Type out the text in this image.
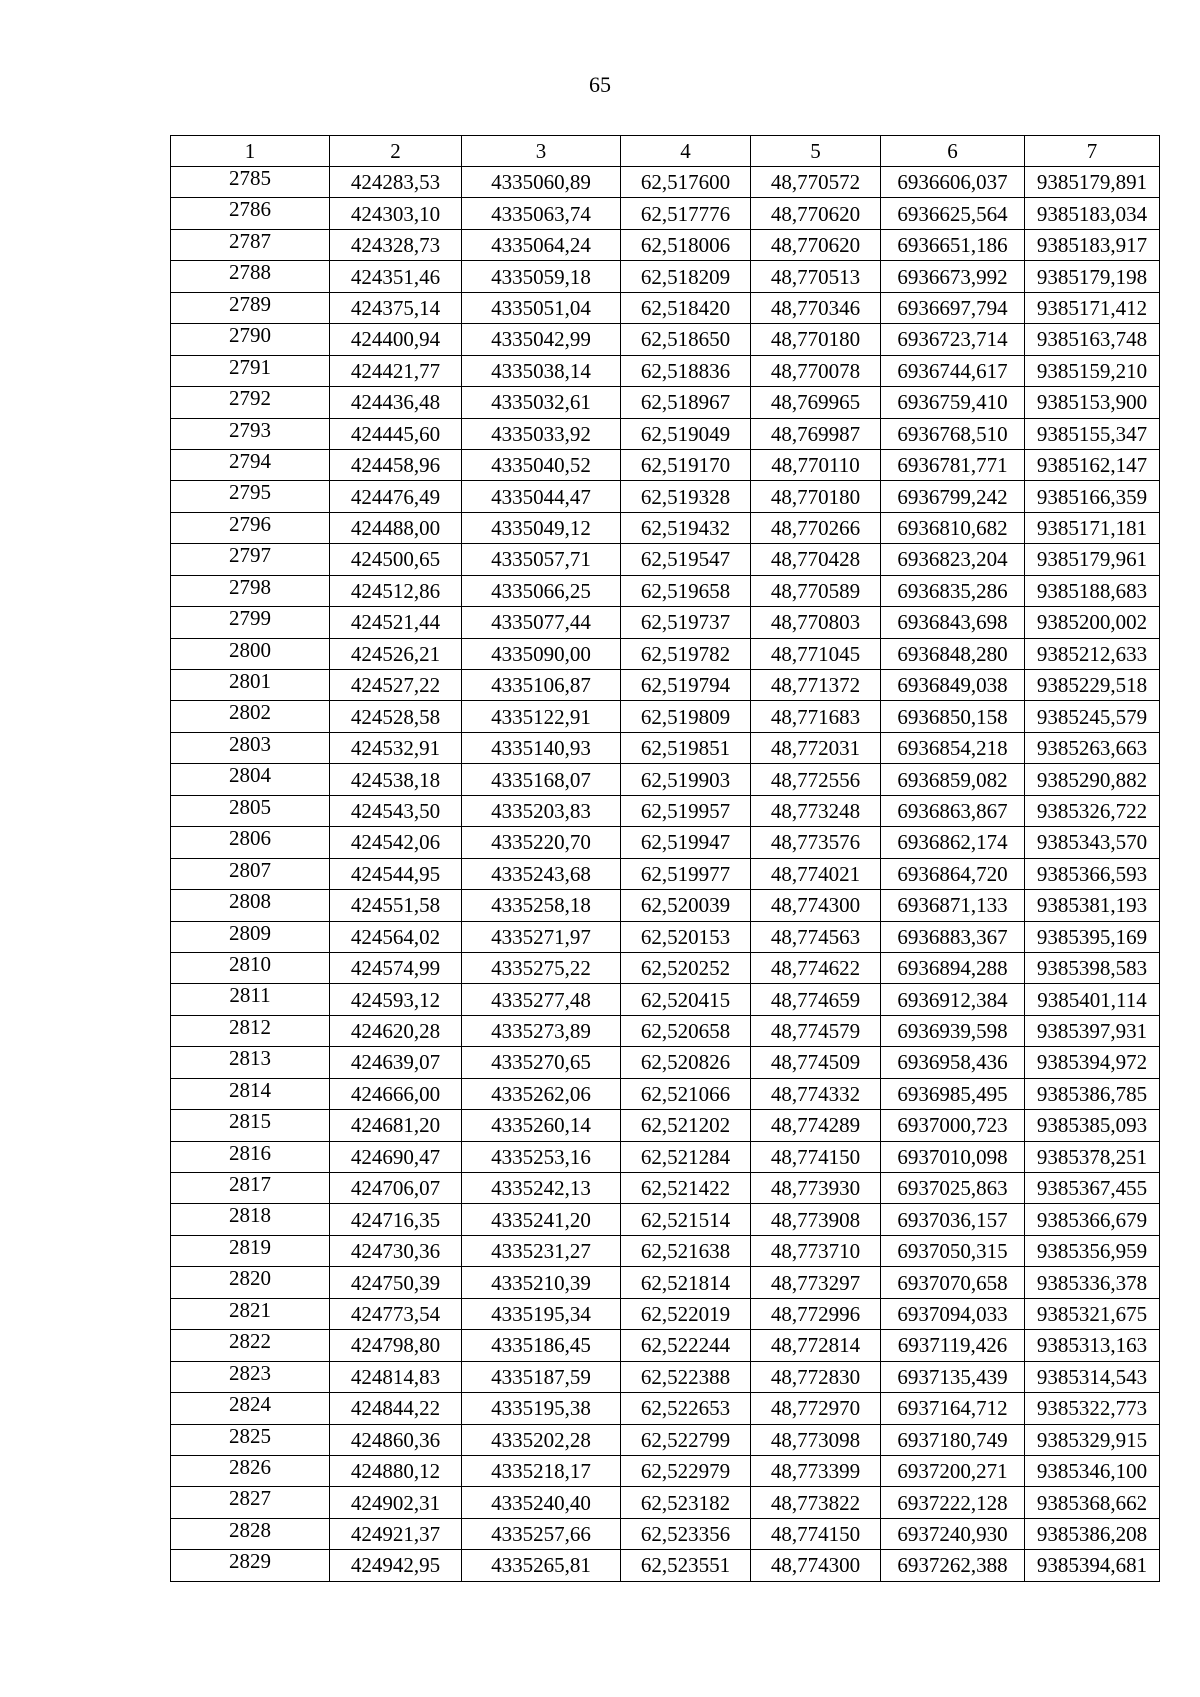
65
1	2	3	4	5	6	7
2785	424283,53	4335060,89	62,517600	48,770572	6936606,037	9385179,891
2786	424303,10	4335063,74	62,517776	48,770620	6936625,564	9385183,034
2787	424328,73	4335064,24	62,518006	48,770620	6936651,186	9385183,917
2788	424351,46	4335059,18	62,518209	48,770513	6936673,992	9385179,198
2789	424375,14	4335051,04	62,518420	48,770346	6936697,794	9385171,412
2790	424400,94	4335042,99	62,518650	48,770180	6936723,714	9385163,748
2791	424421,77	4335038,14	62,518836	48,770078	6936744,617	9385159,210
2792	424436,48	4335032,61	62,518967	48,769965	6936759,410	9385153,900
2793	424445,60	4335033,92	62,519049	48,769987	6936768,510	9385155,347
2794	424458,96	4335040,52	62,519170	48,770110	6936781,771	9385162,147
2795	424476,49	4335044,47	62,519328	48,770180	6936799,242	9385166,359
2796	424488,00	4335049,12	62,519432	48,770266	6936810,682	9385171,181
2797	424500,65	4335057,71	62,519547	48,770428	6936823,204	9385179,961
2798	424512,86	4335066,25	62,519658	48,770589	6936835,286	9385188,683
2799	424521,44	4335077,44	62,519737	48,770803	6936843,698	9385200,002
2800	424526,21	4335090,00	62,519782	48,771045	6936848,280	9385212,633
2801	424527,22	4335106,87	62,519794	48,771372	6936849,038	9385229,518
2802	424528,58	4335122,91	62,519809	48,771683	6936850,158	9385245,579
2803	424532,91	4335140,93	62,519851	48,772031	6936854,218	9385263,663
2804	424538,18	4335168,07	62,519903	48,772556	6936859,082	9385290,882
2805	424543,50	4335203,83	62,519957	48,773248	6936863,867	9385326,722
2806	424542,06	4335220,70	62,519947	48,773576	6936862,174	9385343,570
2807	424544,95	4335243,68	62,519977	48,774021	6936864,720	9385366,593
2808	424551,58	4335258,18	62,520039	48,774300	6936871,133	9385381,193
2809	424564,02	4335271,97	62,520153	48,774563	6936883,367	9385395,169
2810	424574,99	4335275,22	62,520252	48,774622	6936894,288	9385398,583
2811	424593,12	4335277,48	62,520415	48,774659	6936912,384	9385401,114
2812	424620,28	4335273,89	62,520658	48,774579	6936939,598	9385397,931
2813	424639,07	4335270,65	62,520826	48,774509	6936958,436	9385394,972
2814	424666,00	4335262,06	62,521066	48,774332	6936985,495	9385386,785
2815	424681,20	4335260,14	62,521202	48,774289	6937000,723	9385385,093
2816	424690,47	4335253,16	62,521284	48,774150	6937010,098	9385378,251
2817	424706,07	4335242,13	62,521422	48,773930	6937025,863	9385367,455
2818	424716,35	4335241,20	62,521514	48,773908	6937036,157	9385366,679
2819	424730,36	4335231,27	62,521638	48,773710	6937050,315	9385356,959
2820	424750,39	4335210,39	62,521814	48,773297	6937070,658	9385336,378
2821	424773,54	4335195,34	62,522019	48,772996	6937094,033	9385321,675
2822	424798,80	4335186,45	62,522244	48,772814	6937119,426	9385313,163
2823	424814,83	4335187,59	62,522388	48,772830	6937135,439	9385314,543
2824	424844,22	4335195,38	62,522653	48,772970	6937164,712	9385322,773
2825	424860,36	4335202,28	62,522799	48,773098	6937180,749	9385329,915
2826	424880,12	4335218,17	62,522979	48,773399	6937200,271	9385346,100
2827	424902,31	4335240,40	62,523182	48,773822	6937222,128	9385368,662
2828	424921,37	4335257,66	62,523356	48,774150	6937240,930	9385386,208
2829	424942,95	4335265,81	62,523551	48,774300	6937262,388	9385394,681
